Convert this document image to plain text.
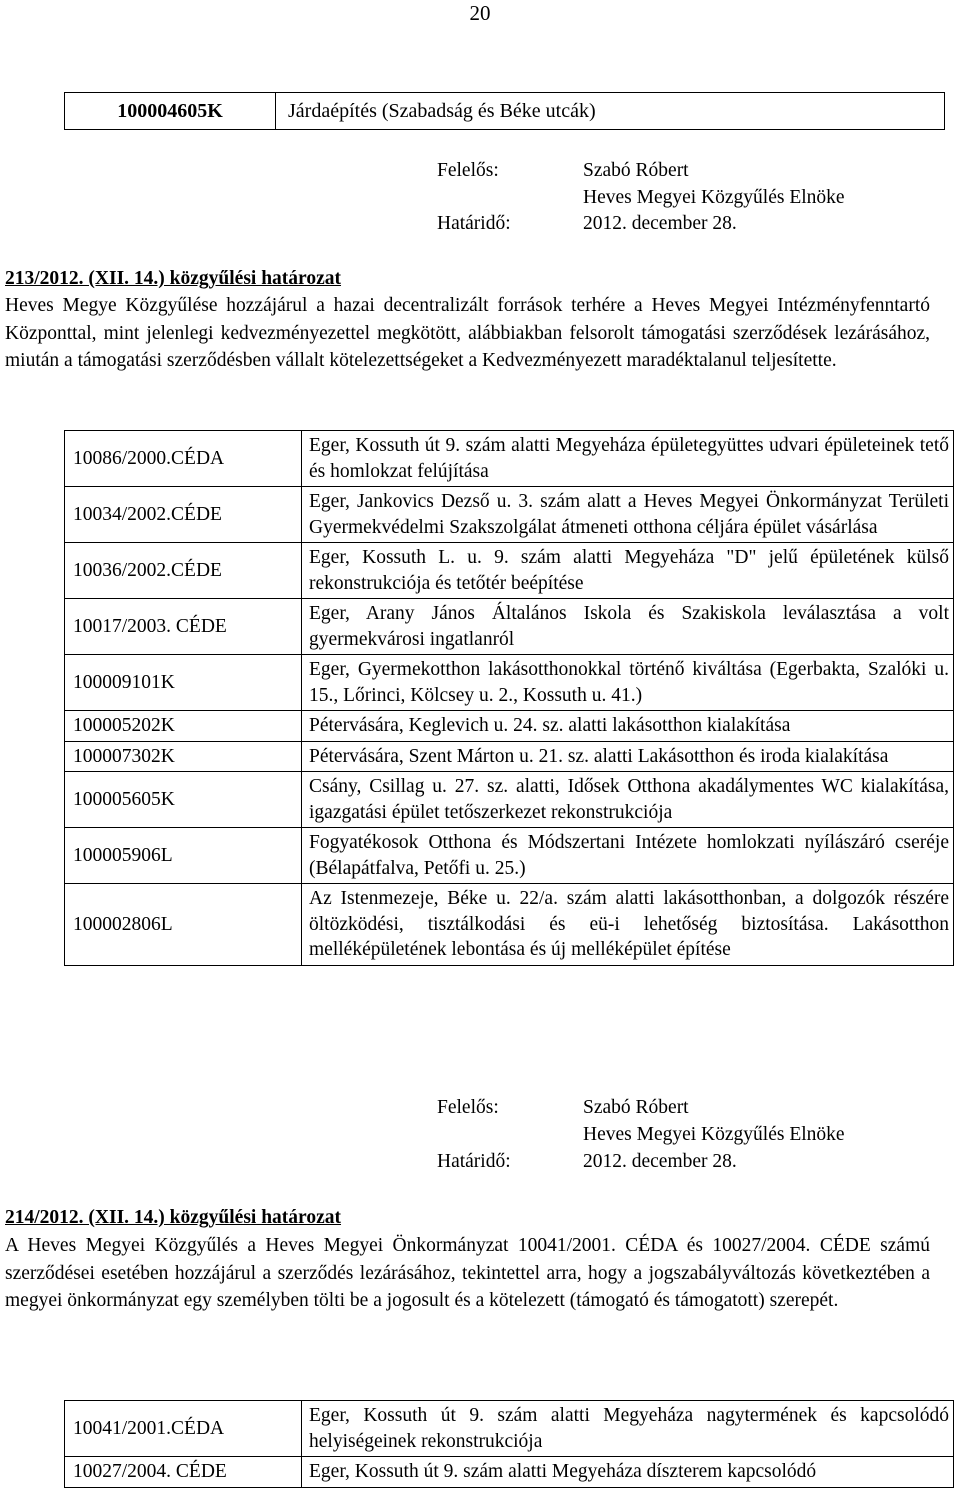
20
100004605K	Járdaépítés (Szabadság és Béke utcák)
Felelős:	Szabó Róbert
Heves Megyei Közgyűlés Elnöke
Határidő:	2012. december 28.
213/2012. (XII. 14.) közgyűlési határozat
Heves Megye Közgyűlése hozzájárul a hazai decentralizált források terhére a Heves Megyei Intézményfenntartó Központtal, mint jelenlegi kedvezményezettel megkötött, alábbiakban felsorolt támogatási szerződések lezárásához, miután a támogatási szerződésben vállalt kötelezettségeket a Kedvezményezett maradéktalanul teljesítette.
10086/2000.CÉDA	Eger, Kossuth út 9. szám alatti Megyeháza épületegyüttes udvari épületeinek tető és homlokzat felújítása
10034/2002.CÉDE	Eger, Jankovics Dezső u. 3. szám alatt a Heves Megyei Önkormányzat Területi Gyermekvédelmi Szakszolgálat átmeneti otthona céljára épület vásárlása
10036/2002.CÉDE	Eger, Kossuth L. u. 9. szám alatti Megyeháza "D" jelű épületének külső rekonstrukciója és tetőtér beépítése
10017/2003. CÉDE	Eger, Arany János Általános Iskola és Szakiskola leválasztása a volt gyermekvárosi ingatlanról
100009101K	Eger, Gyermekotthon lakásotthonokkal történő kiváltása (Egerbakta, Szalóki u. 15., Lőrinci, Kölcsey u. 2., Kossuth u. 41.)
100005202K	Pétervására, Keglevich u. 24. sz. alatti lakásotthon kialakítása
100007302K	Pétervására, Szent Márton u. 21. sz. alatti Lakásotthon és iroda kialakítása
100005605K	Csány, Csillag u. 27. sz. alatti, Idősek Otthona akadálymentes WC kialakítása, igazgatási épület tetőszerkezet rekonstrukciója
100005906L	Fogyatékosok Otthona és Módszertani Intézete homlokzati nyílászáró cseréje (Bélapátfalva, Petőfi u. 25.)
100002806L	Az Istenmezeje, Béke u. 22/a. szám alatti lakásotthonban, a dolgozók részére öltözködési, tisztálkodási és eü-i lehetőség biztosítása. Lakásotthon melléképületének lebontása és új melléképület építése
Felelős:	Szabó Róbert
Heves Megyei Közgyűlés Elnöke
Határidő:	2012. december 28.
214/2012. (XII. 14.) közgyűlési határozat
A Heves Megyei Közgyűlés a Heves Megyei Önkormányzat 10041/2001. CÉDA és 10027/2004. CÉDE számú szerződései esetében hozzájárul a szerződés lezárásához, tekintettel arra, hogy a jogszabályváltozás következtében a megyei önkormányzat egy személyben tölti be a jogosult és a kötelezett (támogató és támogatott) szerepét.
10041/2001.CÉDA	Eger, Kossuth út 9. szám alatti Megyeháza nagytermének és kapcsolódó helyiségeinek rekonstrukciója
10027/2004. CÉDE	Eger, Kossuth út 9. szám alatti Megyeháza díszterem kapcsolódó
